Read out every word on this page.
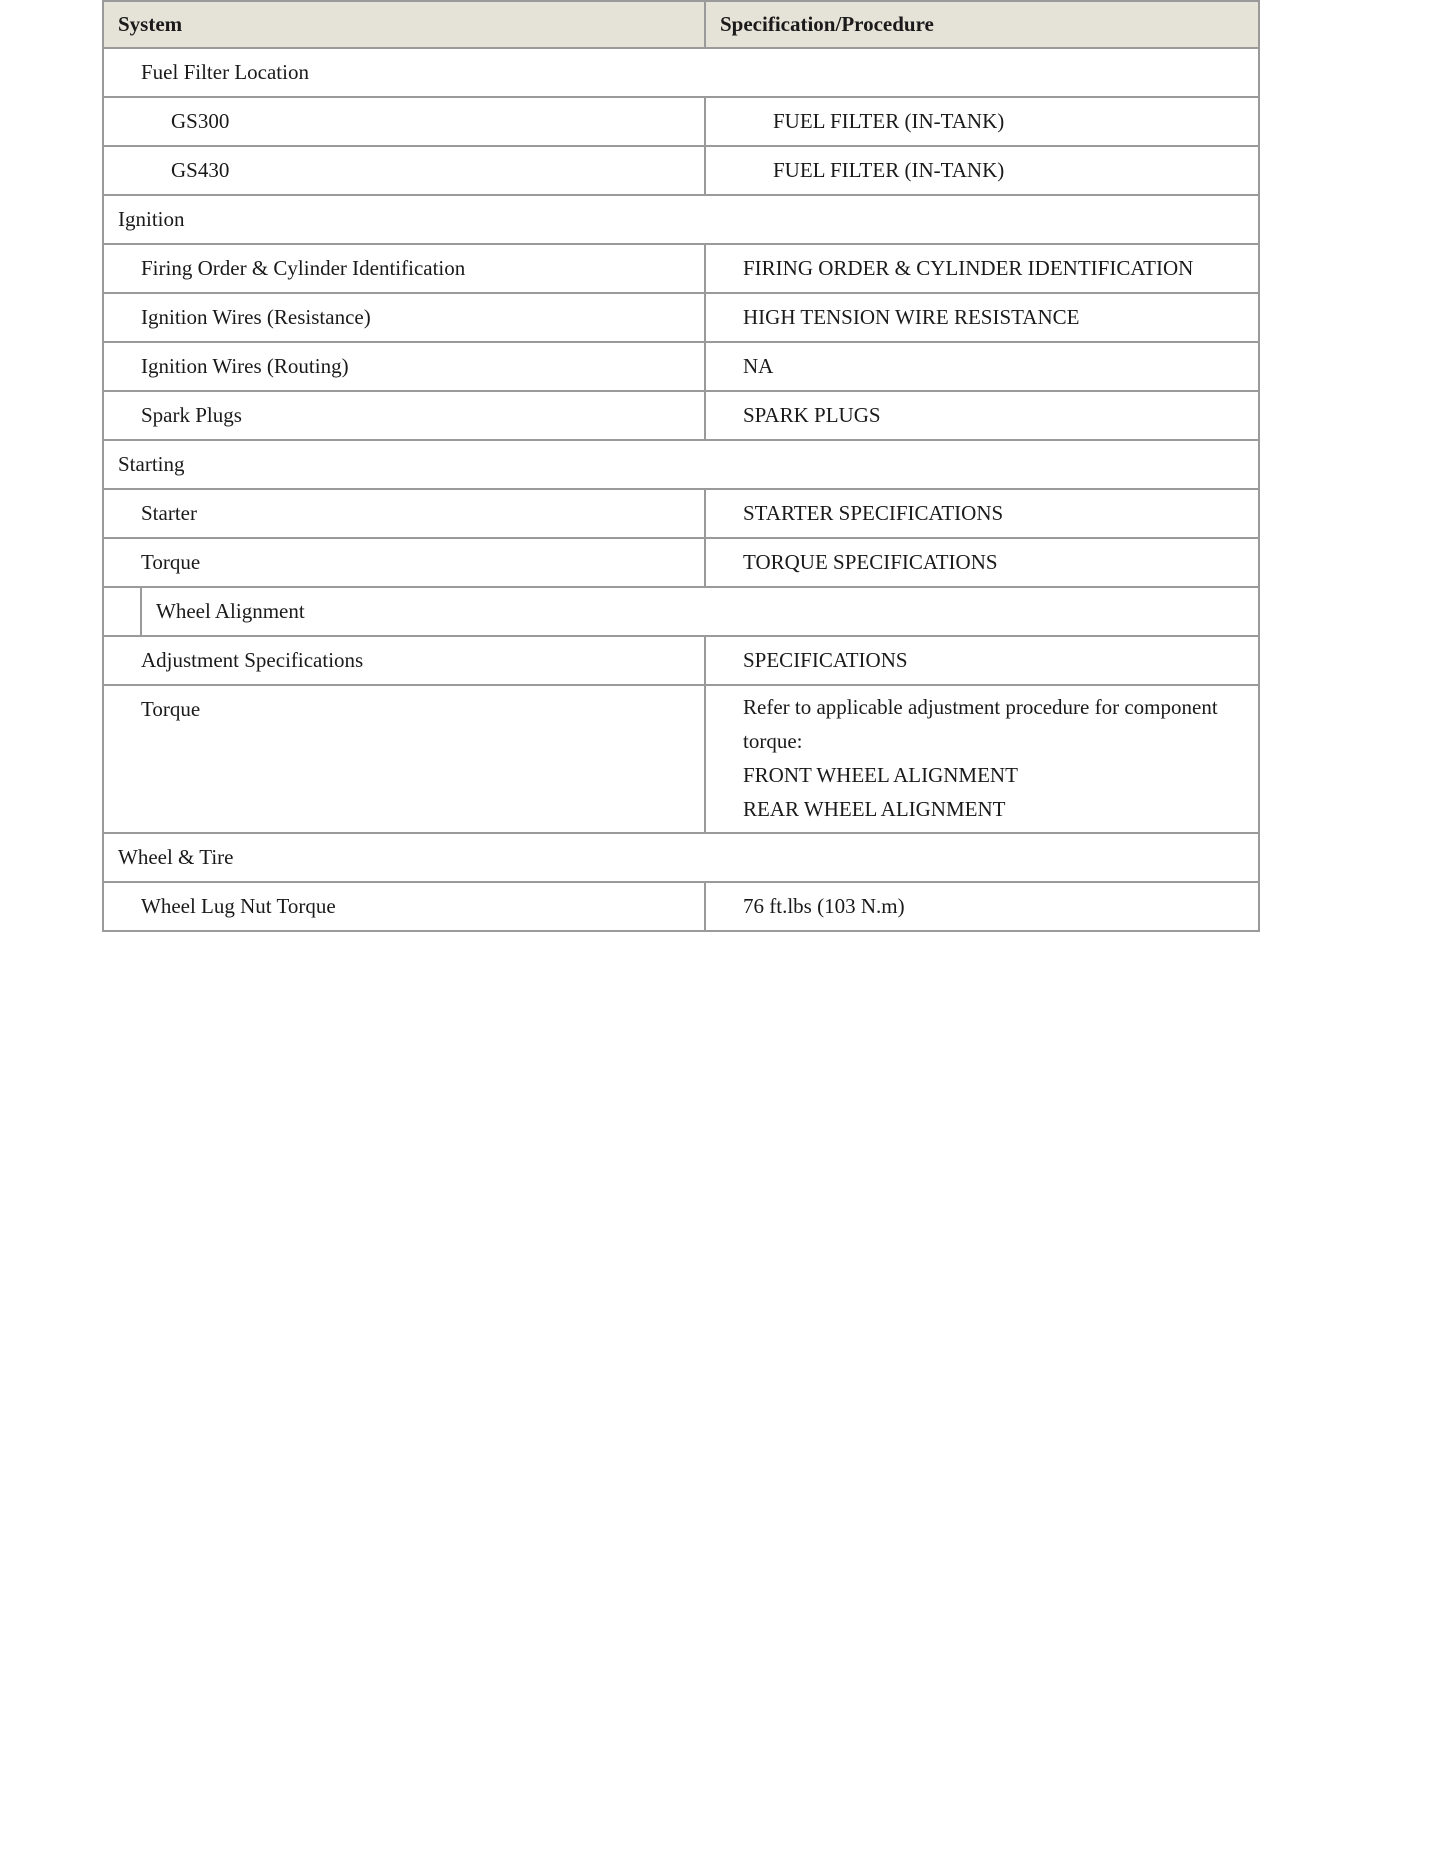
System	Specification/Procedure
Fuel Filter Location	
GS300	FUEL FILTER (IN-TANK)
GS430	FUEL FILTER (IN-TANK)
Ignition	
Firing Order & Cylinder Identification	FIRING ORDER & CYLINDER IDENTIFICATION
Ignition Wires (Resistance)	HIGH TENSION WIRE RESISTANCE
Ignition Wires (Routing)	NA
Spark Plugs	SPARK PLUGS
Starting	
Starter	STARTER SPECIFICATIONS
Torque	TORQUE SPECIFICATIONS

Wheel Alignment	

Adjustment Specifications	SPECIFICATIONS
Torque	Refer to applicable adjustment procedure for component
torque:
FRONT WHEEL ALIGNMENT
REAR WHEEL ALIGNMENT

Wheel & Tire	
Wheel Lug Nut Torque	76 ft.lbs (103 N.m)
